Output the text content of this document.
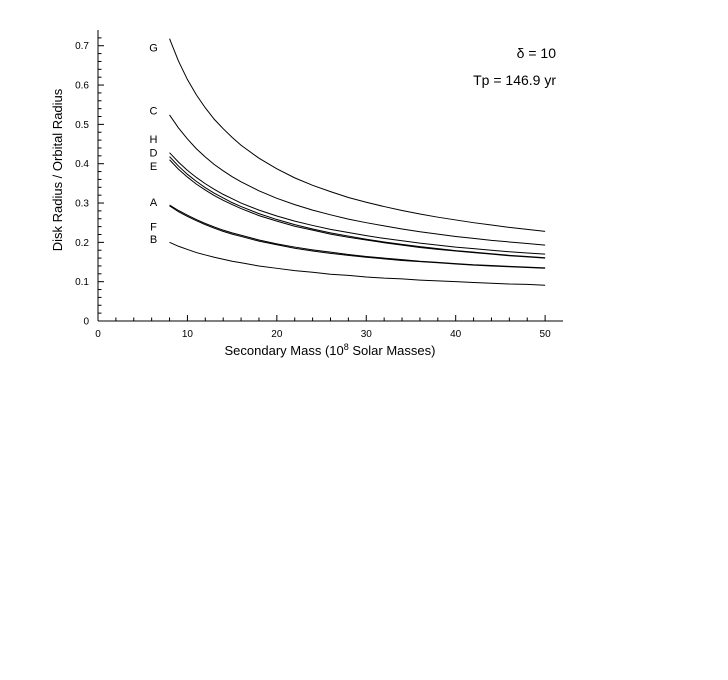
G
C
H
D
E
A
F
B
0	10	20	30	40	50
0
0.1
0.2
0.3
0.4
0.5
0.6
0.7
Secondary Mass ($10^8$ Solar Masses)
Disk Radius / Orbital Radius
δ = 10
Tp = 146.9 yr
